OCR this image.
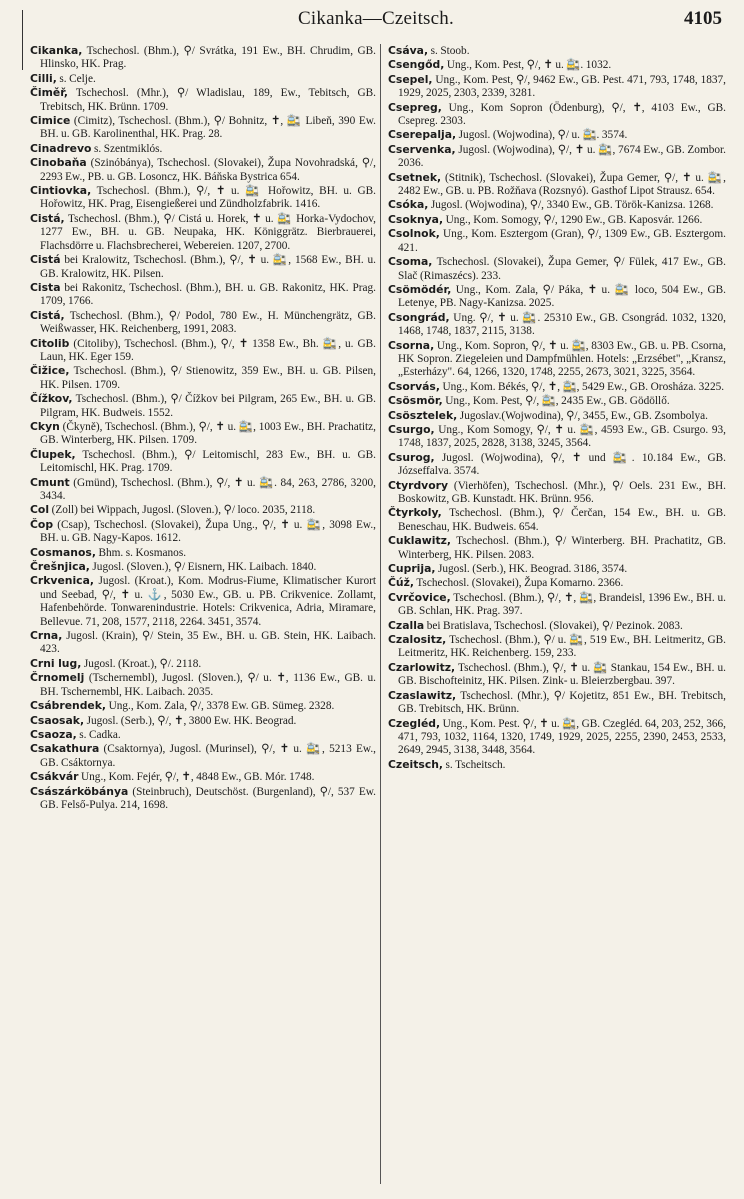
Cikanka—Czeitsch.	4105

Cikanka, Tschechosl. (Bhm.), ⚲/ Svrátka, 191 Ew., BH. Chrudim, GB. Hlinsko, HK. Prag.

Cilli, s. Celje.

Čiměř, Tschechosl. (Mhr.), ⚲/ Wladislau, 189, Ew., Tebitsch, GB. Trebitsch, HK. Brünn. 1709.

Cimice (Cimitz), Tschechosl. (Bhm.), ⚲/ Bohnitz, ✝, 🚉 Libeň, 390 Ew. BH. u. GB. Karolinenthal, HK. Prag. 28.

Cinadrevo s. Szentmiklós.

Cinobaňa (Szinóbánya), Tschechosl. (Slovakei), Župa Novohradská, ⚲/, 2293 Ew., PB. u. GB. Losoncz, HK. Báňska Bystrica 654.

Cintiovka, Tschechosl. (Bhm.), ⚲/, ✝ u. 🚉 Hořowitz, BH. u. GB. Hořowitz, HK. Prag, Eisengießerei und Zündholzfabrik. 1416.

Cistá, Tschechosl. (Bhm.), ⚲/ Cistá u. Horek, ✝ u. 🚉 Horka-Vydochov, 1277 Ew., BH. u. GB. Neupaka, HK. Königgrätz. Bierbrauerei, Flachsdörre u. Flachsbrecherei, Webereien. 1207, 2700.

Cistá bei Kralowitz, Tschechosl. (Bhm.), ⚲/, ✝ u. 🚉, 1568 Ew., BH. u. GB. Kralowitz, HK. Pilsen.

Cista bei Rakonitz, Tschechosl. (Bhm.), BH. u. GB. Rakonitz, HK. Prag. 1709, 1766.

Cistá, Tschechosl. (Bhm.), ⚲/ Podol, 780 Ew., H. Münchengrätz, GB. Weißwasser, HK. Reichenberg, 1991, 2083.

Citolib (Citoliby), Tschechosl. (Bhm.), ⚲/, ✝ 1358 Ew., Bh. 🚉, u. GB. Laun, HK. Eger 159.

Čižice, Tschechosl. (Bhm.), ⚲/ Stienowitz, 359 Ew., BH. u. GB. Pilsen, HK. Pilsen. 1709.

Čížkov, Tschechosl. (Bhm.), ⚲/ Čížkov bei Pilgram, 265 Ew., BH. u. GB. Pilgram, HK. Budweis. 1552.

Ckyn (Čkyně), Tschechosl. (Bhm.), ⚲/, ✝ u. 🚉, 1003 Ew., BH. Prachatitz, GB. Winterberg, HK. Pilsen. 1709.

Člupek, Tschechosl. (Bhm.), ⚲/ Leitomischl, 283 Ew., BH. u. GB. Leitomischl, HK. Prag. 1709.

Cmunt (Gmünd), Tschechosl. (Bhm.), ⚲/, ✝ u. 🚉. 84, 263, 2786, 3200, 3434.

Col (Zoll) bei Wippach, Jugosl. (Sloven.), ⚲/ loco. 2035, 2118.

Čop (Csap), Tschechosl. (Slovakei), Župa Ung., ⚲/, ✝ u. 🚉, 3098 Ew., BH. u. GB. Nagy-Kapos. 1612.

Cosmanos, Bhm. s. Kosmanos.

Črešnjica, Jugosl. (Sloven.), ⚲/ Eisnern, HK. Laibach. 1840.

Crkvenica, Jugosl. (Kroat.), Kom. Modrus-Fiume, Klimatischer Kurort und Seebad, ⚲/, ✝ u. ⚓, 5030 Ew., GB. u. PB. Crikvenice. Zollamt, Hafenbehörde. Tonwarenindustrie. Hotels: Crikvenica, Adria, Miramare, Bellevue. 71, 208, 1577, 2118, 2264. 3451, 3574.

Crna, Jugosl. (Krain), ⚲/ Stein, 35 Ew., BH. u. GB. Stein, HK. Laibach. 423.

Crni lug, Jugosl. (Kroat.), ⚲/. 2118.

Črnomelj (Tschernembl), Jugosl. (Sloven.), ⚲/ u. ✝, 1136 Ew., GB. u. BH. Tschernembl, HK. Laibach. 2035.

Csábrendek, Ung., Kom. Zala, ⚲/, 3378 Ew. GB. Sümeg. 2328.

Csaosak, Jugosl. (Serb.), ⚲/, ✝, 3800 Ew. HK. Beograd.

Csaoza, s. Cadka.

Csakathura (Csaktornya), Jugosl. (Murinsel), ⚲/, ✝ u. 🚉, 5213 Ew., GB. Csáktornya.

Csákvár Ung., Kom. Fejér, ⚲/, ✝, 4848 Ew., GB. Mór. 1748.

Császárköbánya (Steinbruch), Deutschöst. (Burgenland), ⚲/, 537 Ew. GB. Felső-Pulya. 214, 1698.

Csáva, s. Stoob.

Csengőd, Ung., Kom. Pest, ⚲/, ✝ u. 🚉. 1032.

Csepel, Ung., Kom. Pest, ⚲/, 9462 Ew., GB. Pest. 471, 793, 1748, 1837, 1929, 2025, 2303, 2339, 3281.

Csepreg, Ung., Kom Sopron (Ödenburg), ⚲/, ✝, 4103 Ew., GB. Csepreg. 2303.

Cserepalja, Jugosl. (Wojwodina), ⚲/ u. 🚉. 3574.

Cservenka, Jugosl. (Wojwodina), ⚲/, ✝ u. 🚉, 7674 Ew., GB. Zombor. 2036.

Csetnek, (Stitnik), Tschechosl. (Slovakei), Župa Gemer, ⚲/, ✝ u. 🚉, 2482 Ew., GB. u. PB. Rožňava (Rozsnyó). Gasthof Lipot Strausz. 654.

Csóka, Jugosl. (Wojwodina), ⚲/, 3340 Ew., GB. Török-Kanizsa. 1268.

Csoknya, Ung., Kom. Somogy, ⚲/, 1290 Ew., GB. Kaposvár. 1266.

Csolnok, Ung., Kom. Esztergom (Gran), ⚲/, 1309 Ew., GB. Esztergom. 421.

Csoma, Tschechosl. (Slovakei), Župa Gemer, ⚲/ Fülek, 417 Ew., GB. Slač (Rimaszécs). 233.

Csömödér, Ung., Kom. Zala, ⚲/ Páka, ✝ u. 🚉 loco, 504 Ew., GB. Letenye, PB. Nagy-Kanizsa. 2025.

Csongrád, Ung. ⚲/, ✝ u. 🚉. 25310 Ew., GB. Csongrád. 1032, 1320, 1468, 1748, 1837, 2115, 3138.

Csorna, Ung., Kom. Sopron, ⚲/, ✝ u. 🚉, 8303 Ew., GB. u. PB. Csorna, HK Sopron. Ziegeleien und Dampfmühlen. Hotels: „Erzsébet", „Kransz, „Esterházy". 64, 1266, 1320, 1748, 2255, 2673, 3021, 3225, 3564.

Csorvás, Ung., Kom. Békés, ⚲/, ✝, 🚉, 5429 Ew., GB. Orosháza. 3225.

Csösmör, Ung., Kom. Pest, ⚲/, 🚉, 2435 Ew., GB. Gödöllő.

Csösztelek, Jugoslav.(Wojwodina), ⚲/, 3455, Ew., GB. Zsombolya.

Csurgo, Ung., Kom Somogy, ⚲/, ✝ u. 🚉, 4593 Ew., GB. Csurgo. 93, 1748, 1837, 2025, 2828, 3138, 3245, 3564.

Csurog, Jugosl. (Wojwodina), ⚲/, ✝ und 🚉. 10.184 Ew., GB. Józseffalva. 3574.

Ctyrdvory (Vierhöfen), Tschechosl. (Mhr.), ⚲/ Oels. 231 Ew., BH. Boskowitz, GB. Kunstadt. HK. Brünn. 956.

Čtyrkoly, Tschechosl. (Bhm.), ⚲/ Čerčan, 154 Ew., BH. u. GB. Beneschau, HK. Budweis. 654.

Cuklawitz, Tschechosl. (Bhm.), ⚲/ Winterberg. BH. Prachatitz, GB. Winterberg, HK. Pilsen. 2083.

Cuprija, Jugosl. (Serb.), HK. Beograd. 3186, 3574.

Čúž, Tschechosl. (Slovakei), Župa Komarno. 2366.

Cvrčovice, Tschechosl. (Bhm.), ⚲/, ✝, 🚉, Brandeisl, 1396 Ew., BH. u. GB. Schlan, HK. Prag. 397.

Czalla bei Bratislava, Tschechosl. (Slovakei), ⚲/ Pezinok. 2083.

Czalositz, Tschechosl. (Bhm.), ⚲/ u. 🚉, 519 Ew., BH. Leitmeritz, GB. Leitmeritz, HK. Reichenberg. 159, 233.

Czarlowitz, Tschechosl. (Bhm.), ⚲/, ✝ u. 🚉 Stankau, 154 Ew., BH. u. GB. Bischofteinitz, HK. Pilsen. Zink- u. Bleierzbergbau. 397.

Czaslawitz, Tschechosl. (Mhr.), ⚲/ Kojetitz, 851 Ew., BH. Trebitsch, GB. Trebitsch, HK. Brünn.

Czegléd, Ung., Kom. Pest. ⚲/, ✝ u. 🚉, GB. Czegléd. 64, 203, 252, 366, 471, 793, 1032, 1164, 1320, 1749, 1929, 2025, 2255, 2390, 2453, 2533, 2649, 2945, 3138, 3448, 3564.

Czeitsch, s. Tscheitsch.
